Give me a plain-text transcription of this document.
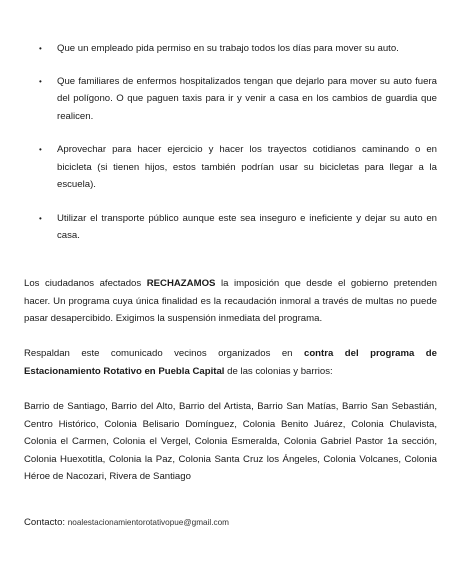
• Que un empleado pida permiso en su trabajo todos los días para mover su auto.
• Que familiares de enfermos hospitalizados tengan que dejarlo para mover su auto fuera del polígono. O que paguen taxis para ir y venir a casa en los cambios de guardia que realicen.
• Aprovechar para hacer ejercicio y hacer los trayectos cotidianos caminando o en bicicleta (si tienen hijos, estos también podrían usar su bicicletas para llegar a la escuela).
• Utilizar el transporte público aunque este sea inseguro e ineficiente y dejar su auto en casa.

Los ciudadanos afectados RECHAZAMOS la imposición que desde el gobierno pretenden hacer. Un programa cuya única finalidad es la recaudación inmoral a través de multas no puede pasar desapercibido. Exigimos la suspensión inmediata del programa.

Respaldan este comunicado vecinos organizados en contra del programa de Estacionamiento Rotativo en Puebla Capital de las colonias y barrios:

Barrio de Santiago, Barrio del Alto, Barrio del Artista, Barrio San Matías, Barrio San Sebastián, Centro Histórico, Colonia Belisario Domínguez, Colonia Benito Juárez, Colonia Chulavista, Colonia el Carmen, Colonia el Vergel, Colonia Esmeralda, Colonia Gabriel Pastor 1a sección, Colonia Huexotitla, Colonia la Paz, Colonia Santa Cruz los Ángeles, Colonia Volcanes, Colonia Héroe de Nacozari, Rivera de Santiago

Contacto: noalestacionamientorotativopue@gmail.com
